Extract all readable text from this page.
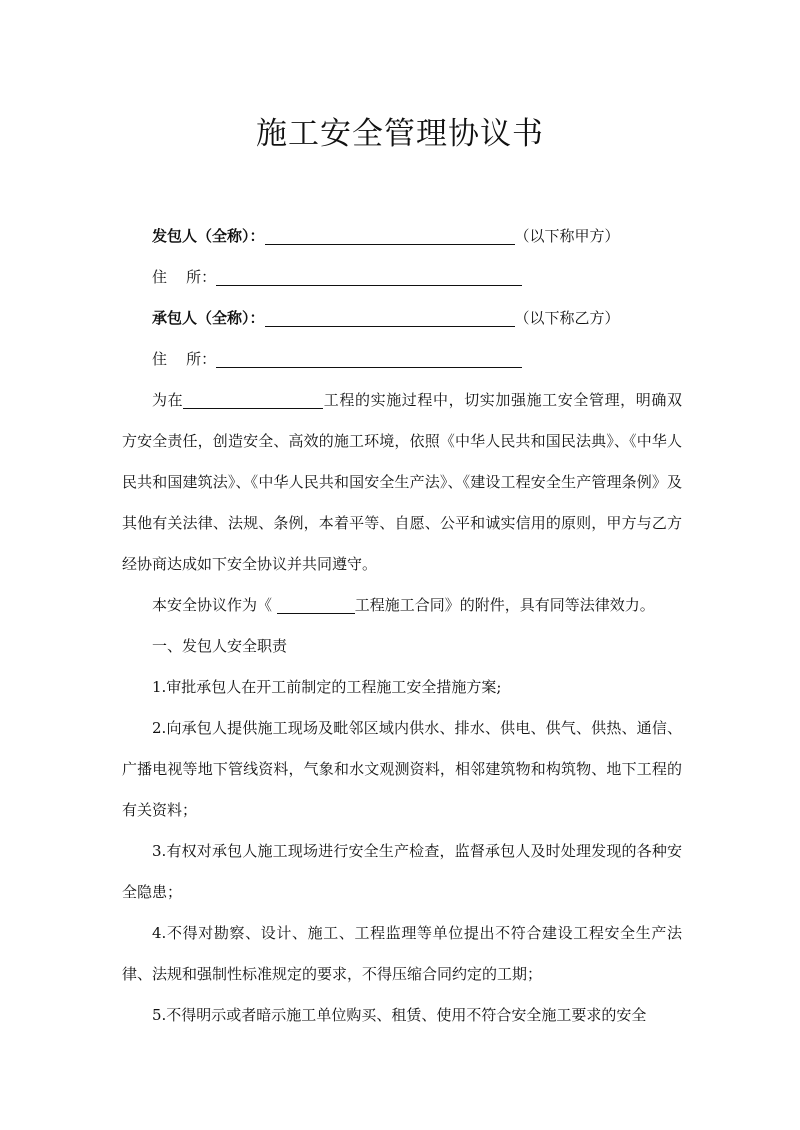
施工安全管理协议书
发包人（全称）：	（以下称甲方）
住    所：
承包人（全称）：	（以下称乙方）
住    所：

为在	工程的实施过程中，切实加强施工安全管理，明确双方安全责任，创造安全、高效的施工环境，依照《中华人民共和国民法典》、《中华人民共和国建筑法》、《中华人民共和国安全生产法》、《建设工程安全生产管理条例》及其他有关法律、法规、条例，本着平等、自愿、公平和诚实信用的原则，甲方与乙方经协商达成如下安全协议并共同遵守。

本安全协议作为《	工程施工合同》的附件，具有同等法律效力。

一、发包人安全职责

1.审批承包人在开工前制定的工程施工安全措施方案;

2.向承包人提供施工现场及毗邻区域内供水、排水、供电、供气、供热、通信、广播电视等地下管线资料，气象和水文观测资料，相邻建筑物和构筑物、地下工程的有关资料；

3.有权对承包人施工现场进行安全生产检查，监督承包人及时处理发现的各种安全隐患；

4.不得对勘察、设计、施工、工程监理等单位提出不符合建设工程安全生产法律、法规和强制性标准规定的要求，不得压缩合同约定的工期；

5.不得明示或者暗示施工单位购买、租赁、使用不符合安全施工要求的安全
